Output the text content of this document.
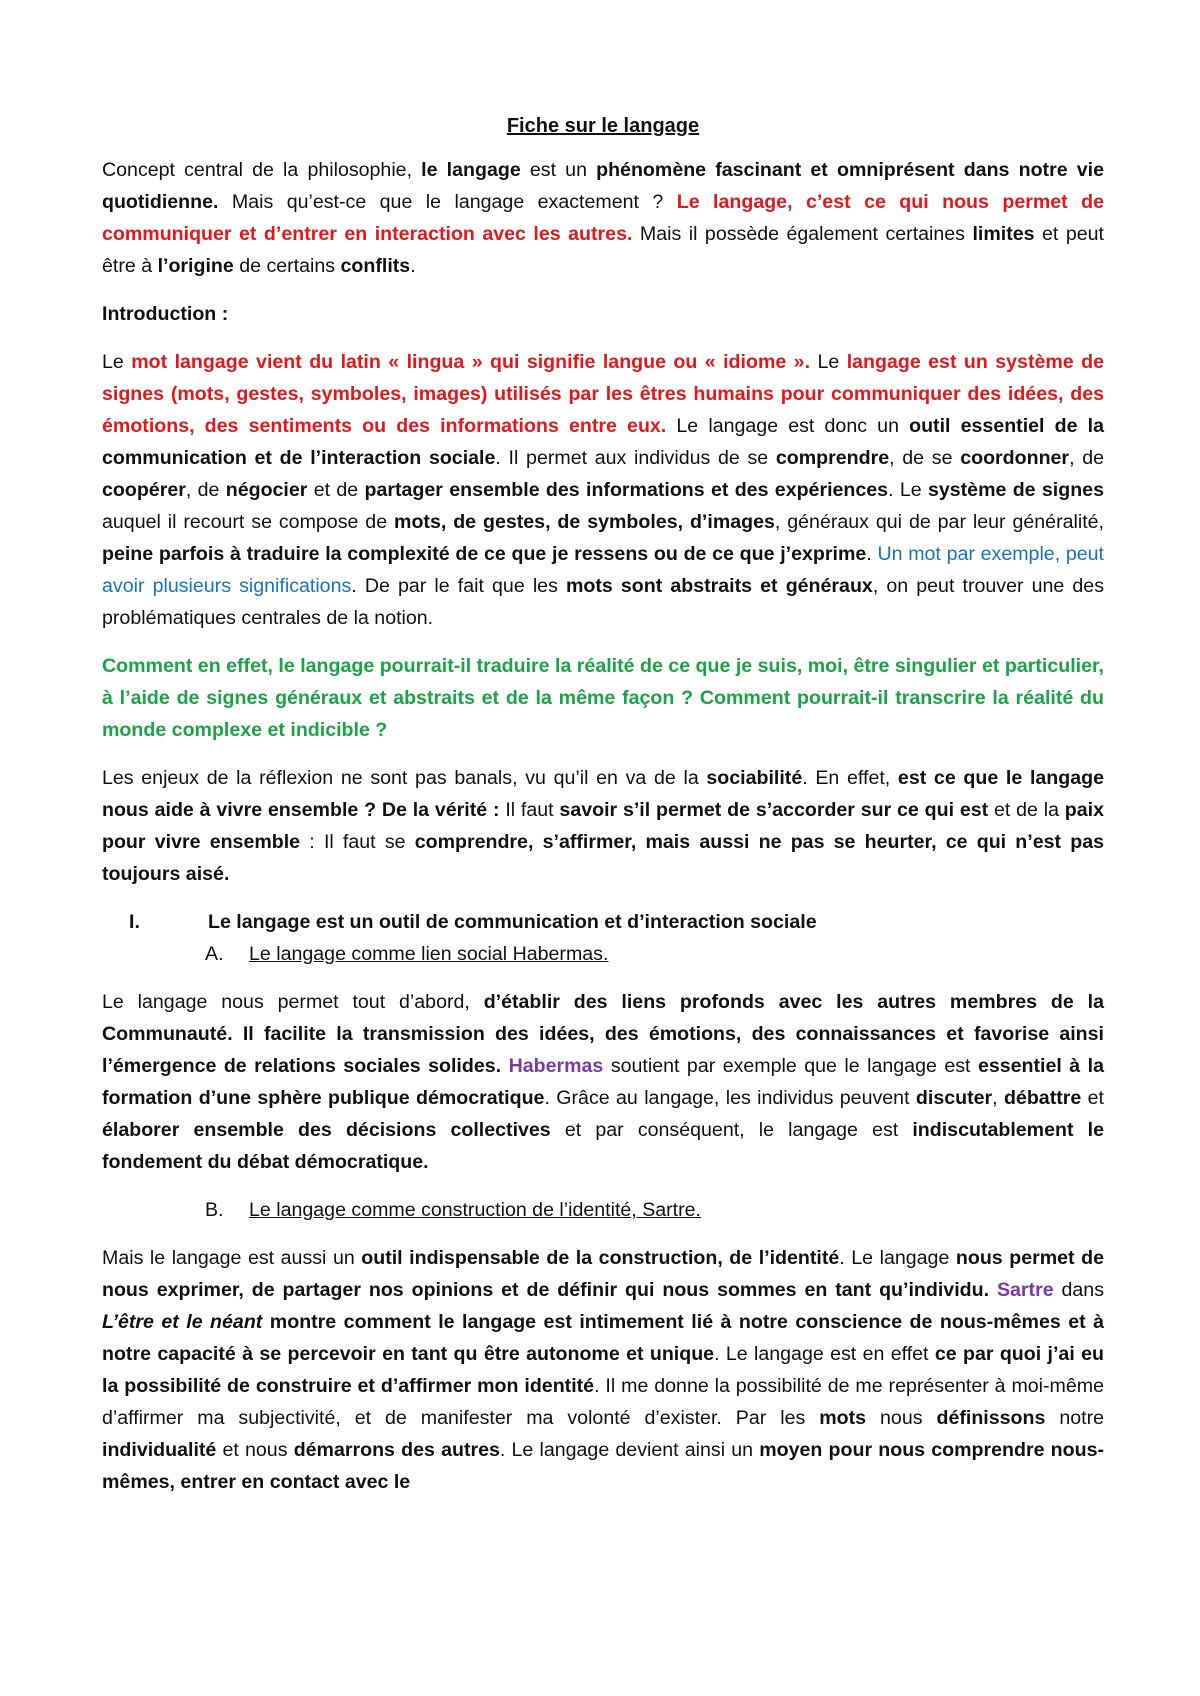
Fiche sur le langage

Concept central de la philosophie, le langage est un phénomène fascinant et omniprésent dans notre vie quotidienne. Mais qu’est-ce que le langage exactement ? Le langage, c’est ce qui nous permet de communiquer et d’entrer en interaction avec les autres. Mais il possède également certaines limites et peut être à l’origine de certains conflits.

Introduction :

Le mot langage vient du latin « lingua » qui signifie langue ou « idiome ». Le langage est un système de signes (mots, gestes, symboles, images) utilisés par les êtres humains pour communiquer des idées, des émotions, des sentiments ou des informations entre eux. Le langage est donc un outil essentiel de la communication et de l’interaction sociale. Il permet aux individus de se comprendre, de se coordonner, de coopérer, de négocier et de partager ensemble des informations et des expériences. Le système de signes auquel il recourt se compose de mots, de gestes, de symboles, d’images, généraux qui de par leur généralité, peine parfois à traduire la complexité de ce que je ressens ou de ce que j’exprime. Un mot par exemple, peut avoir plusieurs significations. De par le fait que les mots sont abstraits et généraux, on peut trouver une des problématiques centrales de la notion.

Comment en effet, le langage pourrait-il traduire la réalité de ce que je suis, moi, être singulier et particulier, à l’aide de signes généraux et abstraits et de la même façon ? Comment pourrait-il transcrire la réalité du monde complexe et indicible ?

Les enjeux de la réflexion ne sont pas banals, vu qu’il en va de la sociabilité. En effet, est ce que le langage nous aide à vivre ensemble ? De la vérité : Il faut savoir s’il permet de s’accorder sur ce qui est et de la paix pour vivre ensemble : Il faut se comprendre, s’affirmer, mais aussi ne pas se heurter, ce qui n’est pas toujours aisé.

I.	Le langage est un outil de communication et d’interaction sociale

A. Le langage comme lien social Habermas.

Le langage nous permet tout d’abord, d’établir des liens profonds avec les autres membres de la Communauté. Il facilite la transmission des idées, des émotions, des connaissances et favorise ainsi l’émergence de relations sociales solides. Habermas soutient par exemple que le langage est essentiel à la formation d’une sphère publique démocratique. Grâce au langage, les individus peuvent discuter, débattre et élaborer ensemble des décisions collectives et par conséquent, le langage est indiscutablement le fondement du débat démocratique.

B. Le langage comme construction de l’identité, Sartre.

Mais le langage est aussi un outil indispensable de la construction, de l’identité. Le langage nous permet de nous exprimer, de partager nos opinions et de définir qui nous sommes en tant qu’individu. Sartre dans L’être et le néant montre comment le langage est intimement lié à notre conscience de nous-mêmes et à notre capacité à se percevoir en tant qu être autonome et unique. Le langage est en effet ce par quoi j’ai eu la possibilité de construire et d’affirmer mon identité. Il me donne la possibilité de me représenter à moi-même d’affirmer ma subjectivité, et de manifester ma volonté d’exister. Par les mots nous définissons notre individualité et nous démarrons des autres. Le langage devient ainsi un moyen pour nous comprendre nous-mêmes, entrer en contact avec le
